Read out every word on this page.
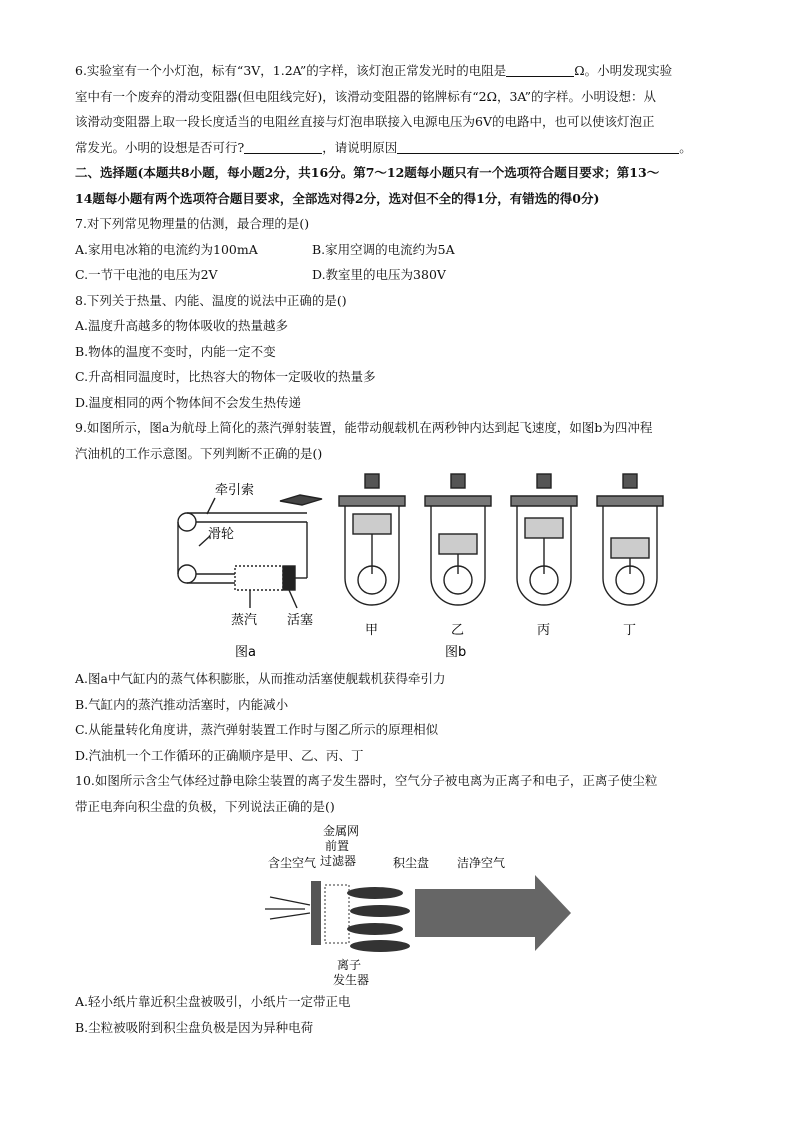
6.实验室有一个小灯泡，标有“3V，1.2A”的字样，该灯泡正常发光时的电阻是	Ω。小明发现实验
室中有一个废弃的滑动变阻器(但电阻线完好)，该滑动变阻器的铭牌标有“2Ω，3A”的字样。小明设想：从
该滑动变阻器上取一段长度适当的电阻丝直接与灯泡串联接入电源电压为6V的电路中，也可以使该灯泡正
常发光。小明的设想是否可行?	，请说明原因	。
二、选择题(本题共8小题，每小题2分，共16分。第7～12题每小题只有一个选项符合题目要求；第13～
14题每小题有两个选项符合题目要求，全部选对得2分，选对但不全的得1分，有错选的得0分)
7.对下列常见物理量的估测，最合理的是()
A.家用电冰箱的电流约为100mA	B.家用空调的电流约为5A
C.一节干电池的电压为2V	D.教室里的电压为380V
8.下列关于热量、内能、温度的说法中正确的是()
A.温度升高越多的物体吸收的热量越多
B.物体的温度不变时，内能一定不变
C.升高相同温度时，比热容大的物体一定吸收的热量多
D.温度相同的两个物体间不会发生热传递
9.如图所示，图a为航母上简化的蒸汽弹射装置，能带动舰载机在两秒钟内达到起飞速度，如图b为四冲程
汽油机的工作示意图。下列判断不正确的是()
牵引索
滑轮
蒸汽 活塞
图a
甲	乙	丙	丁
图b
A.图a中气缸内的蒸气体积膨胀，从而推动活塞使舰载机获得牵引力
B.气缸内的蒸汽推动活塞时，内能减小
C.从能量转化角度讲，蒸汽弹射装置工作时与图乙所示的原理相似
D.汽油机一个工作循环的正确顺序是甲、乙、丙、丁
10.如图所示含尘气体经过静电除尘装置的离子发生器时，空气分子被电离为正离子和电子，正离子使尘粒
带正电奔向积尘盘的负极，下列说法正确的是()
含尘空气
金属网
前置
过滤器	积尘盘 洁净空气
离子
发生器
A.轻小纸片靠近积尘盘被吸引，小纸片一定带正电
B.尘粒被吸附到积尘盘负极是因为异种电荷
